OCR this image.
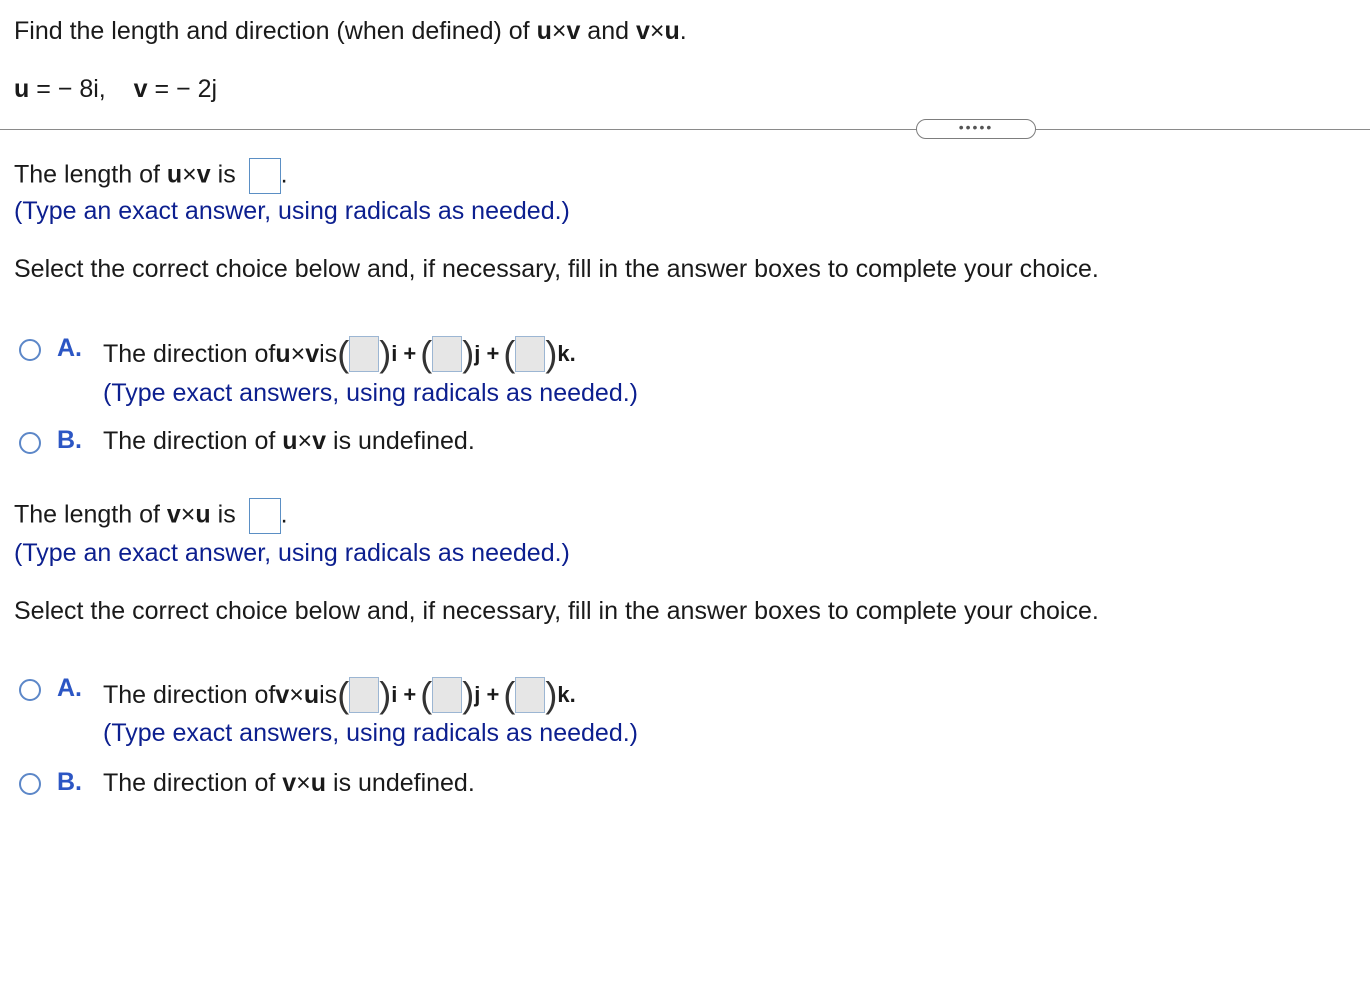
Find the length and direction (when defined) of u×v and v×u.
u = − 8i, v = − 2j
•••••
The length of u×v is .
(Type an exact answer, using radicals as needed.)
Select the correct choice below and, if necessary, fill in the answer boxes to complete your choice.
A. The direction of u × v is ( ) i + ( ) j + ( ) k.
(Type exact answers, using radicals as needed.)
B. The direction of u×v is undefined.
The length of v×u is .
(Type an exact answer, using radicals as needed.)
Select the correct choice below and, if necessary, fill in the answer boxes to complete your choice.
A. The direction of v × u is ( ) i + ( ) j + ( ) k.
(Type exact answers, using radicals as needed.)
B. The direction of v×u is undefined.
